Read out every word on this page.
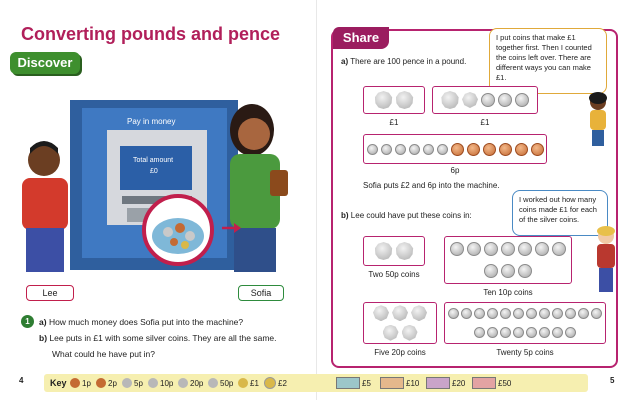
Converting pounds and pence
Discover
Pay in money
Total amount
£0
Lee	Sofia
1	a) How much money does Sofia put into the machine?
b) Lee puts in £1 with some silver coins. They are all the same.
What could he have put in?
4
Share	I put coins that make £1 together first. Then I counted the coins left over. There are different ways you can make £1.
I worked out how many coins made £1 for each of the silver coins.
a) There are 100 pence in a pound.
£1	£1
6p
Sofia puts £2 and 6p into the machine.
b) Lee could have put these coins in:
Two 50p coins
Ten 10p coins
Five 20p coins	Twenty 5p coins
5
Key 1p 2p 5p 10p 20p 50p £1 £2	£5	£10	£20	£50
